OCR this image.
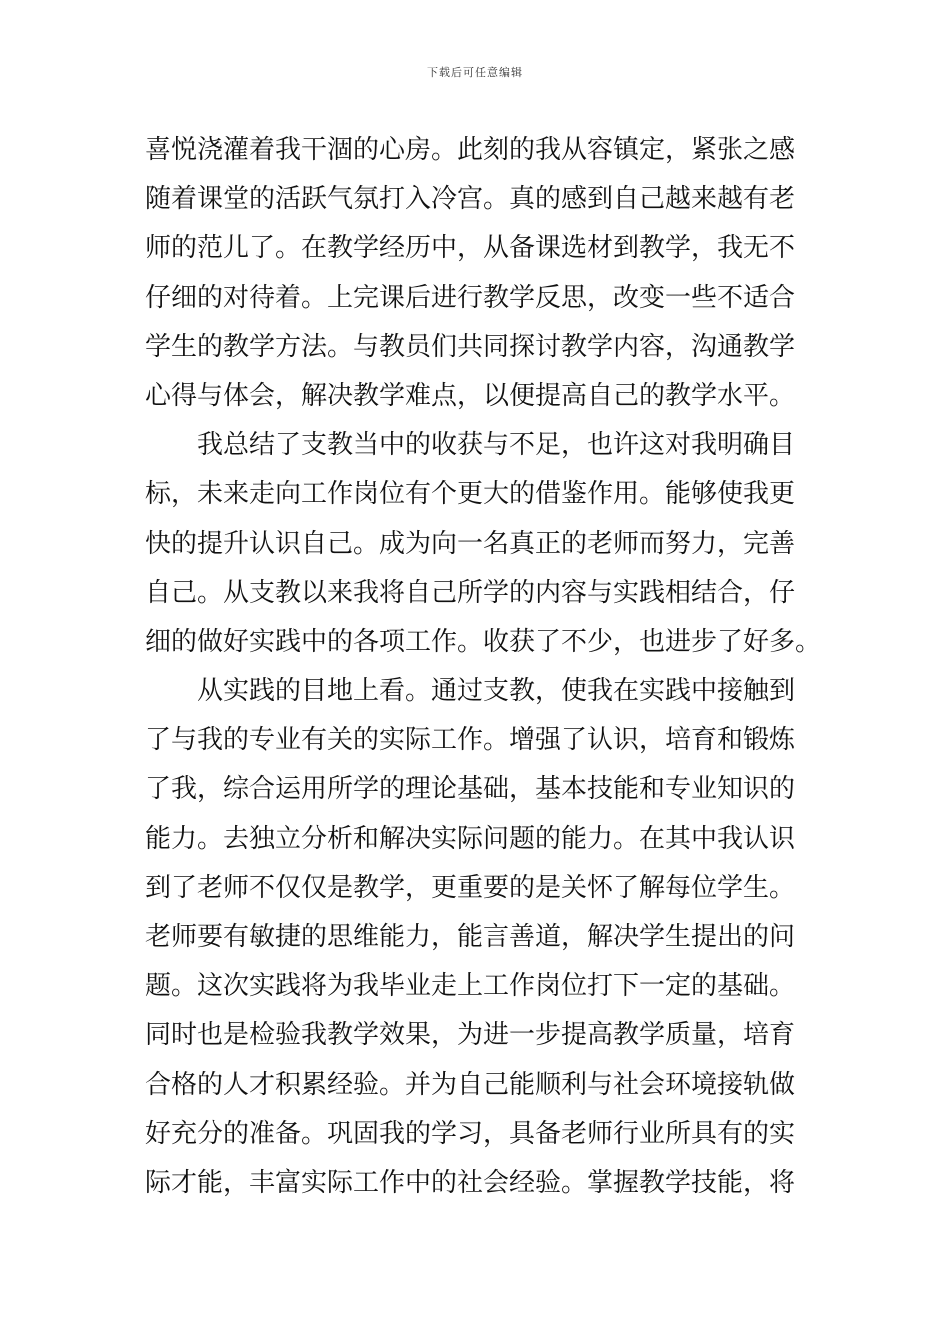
下载后可任意编辑
喜悦浇灌着我干涸的心房。此刻的我从容镇定，紧张之感
随着课堂的活跃气氛打入冷宫。真的感到自己越来越有老
师的范儿了。在教学经历中，从备课选材到教学，我无不
仔细的对待着。上完课后进行教学反思，改变一些不适合
学生的教学方法。与教员们共同探讨教学内容，沟通教学
心得与体会，解决教学难点，以便提高自己的教学水平。
我总结了支教当中的收获与不足，也许这对我明确目
标，未来走向工作岗位有个更大的借鉴作用。能够使我更
快的提升认识自己。成为向一名真正的老师而努力，完善
自己。从支教以来我将自己所学的内容与实践相结合，仔
细的做好实践中的各项工作。收获了不少，也进步了好多。
从实践的目地上看。通过支教，使我在实践中接触到
了与我的专业有关的实际工作。增强了认识，培育和锻炼
了我，综合运用所学的理论基础，基本技能和专业知识的
能力。去独立分析和解决实际问题的能力。在其中我认识
到了老师不仅仅是教学，更重要的是关怀了解每位学生。
老师要有敏捷的思维能力，能言善道，解决学生提出的问
题。这次实践将为我毕业走上工作岗位打下一定的基础。
同时也是检验我教学效果，为进一步提高教学质量，培育
合格的人才积累经验。并为自己能顺利与社会环境接轨做
好充分的准备。巩固我的学习，具备老师行业所具有的实
际才能，丰富实际工作中的社会经验。掌握教学技能，将
